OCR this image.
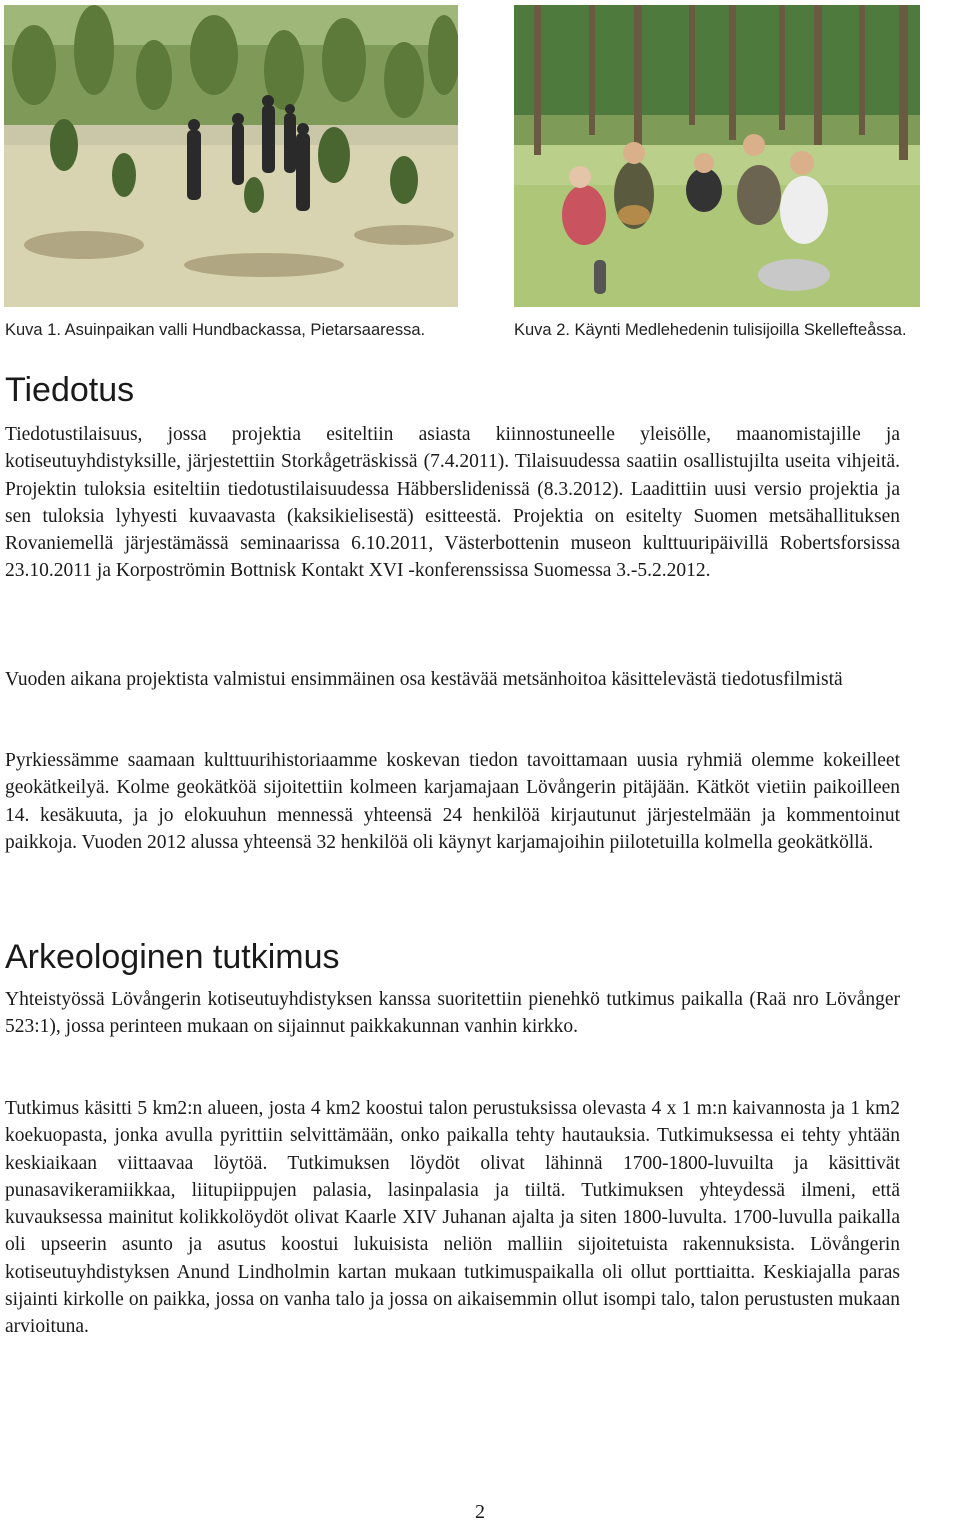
Kuva 1. Asuinpaikan valli Hundbackassa, Pietarsaaressa.	Kuva 2. Käynti Medlehedenin tulisijoilla Skellefteåssa.
Tiedotus

Tiedotustilaisuus, jossa projektia esiteltiin asiasta kiinnostuneelle yleisölle, maanomistajille ja kotiseutuyhdistyksille, järjestettiin Storkågeträskissä (7.4.2011). Tilaisuudessa saatiin osallistujilta useita vihjeitä. Projektin tuloksia esiteltiin tiedotustilaisuudessa Häbberslidenissä (8.3.2012). Laadittiin uusi versio projektia ja sen tuloksia lyhyesti kuvaavasta (kaksikielisestä) esitteestä. Projektia on esitelty Suomen metsähallituksen Rovaniemellä järjestämässä seminaarissa 6.10.2011, Västerbottenin museon kulttuuripäivillä Robertsforsissa 23.10.2011 ja Korpoströmin Bottnisk Kontakt XVI -konferenssissa Suomessa 3.-5.2.2012.

Vuoden aikana projektista valmistui ensimmäinen osa kestävää metsänhoitoa käsittelevästä tiedotusfilmistä

Pyrkiessämme saamaan kulttuurihistoriaamme koskevan tiedon tavoittamaan uusia ryhmiä olemme kokeilleet geokätkeilyä. Kolme geokätköä sijoitettiin kolmeen karjamajaan Lövångerin pitäjään. Kätköt vietiin paikoilleen 14. kesäkuuta, ja jo elokuuhun mennessä yhteensä 24 henkilöä kirjautunut järjestelmään ja kommentoinut paikkoja. Vuoden 2012 alussa yhteensä 32 henkilöä oli käynyt karjamajoihin piilotetuilla kolmella geokätköllä.

Arkeologinen tutkimus

Yhteistyössä Lövångerin kotiseutuyhdistyksen kanssa suoritettiin pienehkö tutkimus paikalla (Raä nro Lövånger 523:1), jossa perinteen mukaan on sijainnut paikkakunnan vanhin kirkko.

Tutkimus käsitti 5 km2:n alueen, josta 4 km2 koostui talon perustuksissa olevasta 4 x 1 m:n kaivannosta ja 1 km2 koekuopasta, jonka avulla pyrittiin selvittämään, onko paikalla tehty hautauksia. Tutkimuksessa ei tehty yhtään keskiaikaan viittaavaa löytöä. Tutkimuksen löydöt olivat lähinnä 1700-1800-luvuilta ja käsittivät punasavikeramiikkaa, liitupiippujen palasia, lasinpalasia ja tiiltä. Tutkimuksen yhteydessä ilmeni, että kuvauksessa mainitut kolikkolöydöt olivat Kaarle XIV Juhanan ajalta ja siten 1800-luvulta. 1700-luvulla paikalla oli upseerin asunto ja asutus koostui lukuisista neliön malliin sijoitetuista rakennuksista. Lövångerin kotiseutuyhdistyksen Anund Lindholmin kartan mukaan tutkimuspaikalla oli ollut porttiaitta. Keskiajalla paras sijainti kirkolle on paikka, jossa on vanha talo ja jossa on aikaisemmin ollut isompi talo, talon perustusten mukaan arvioituna.

2
